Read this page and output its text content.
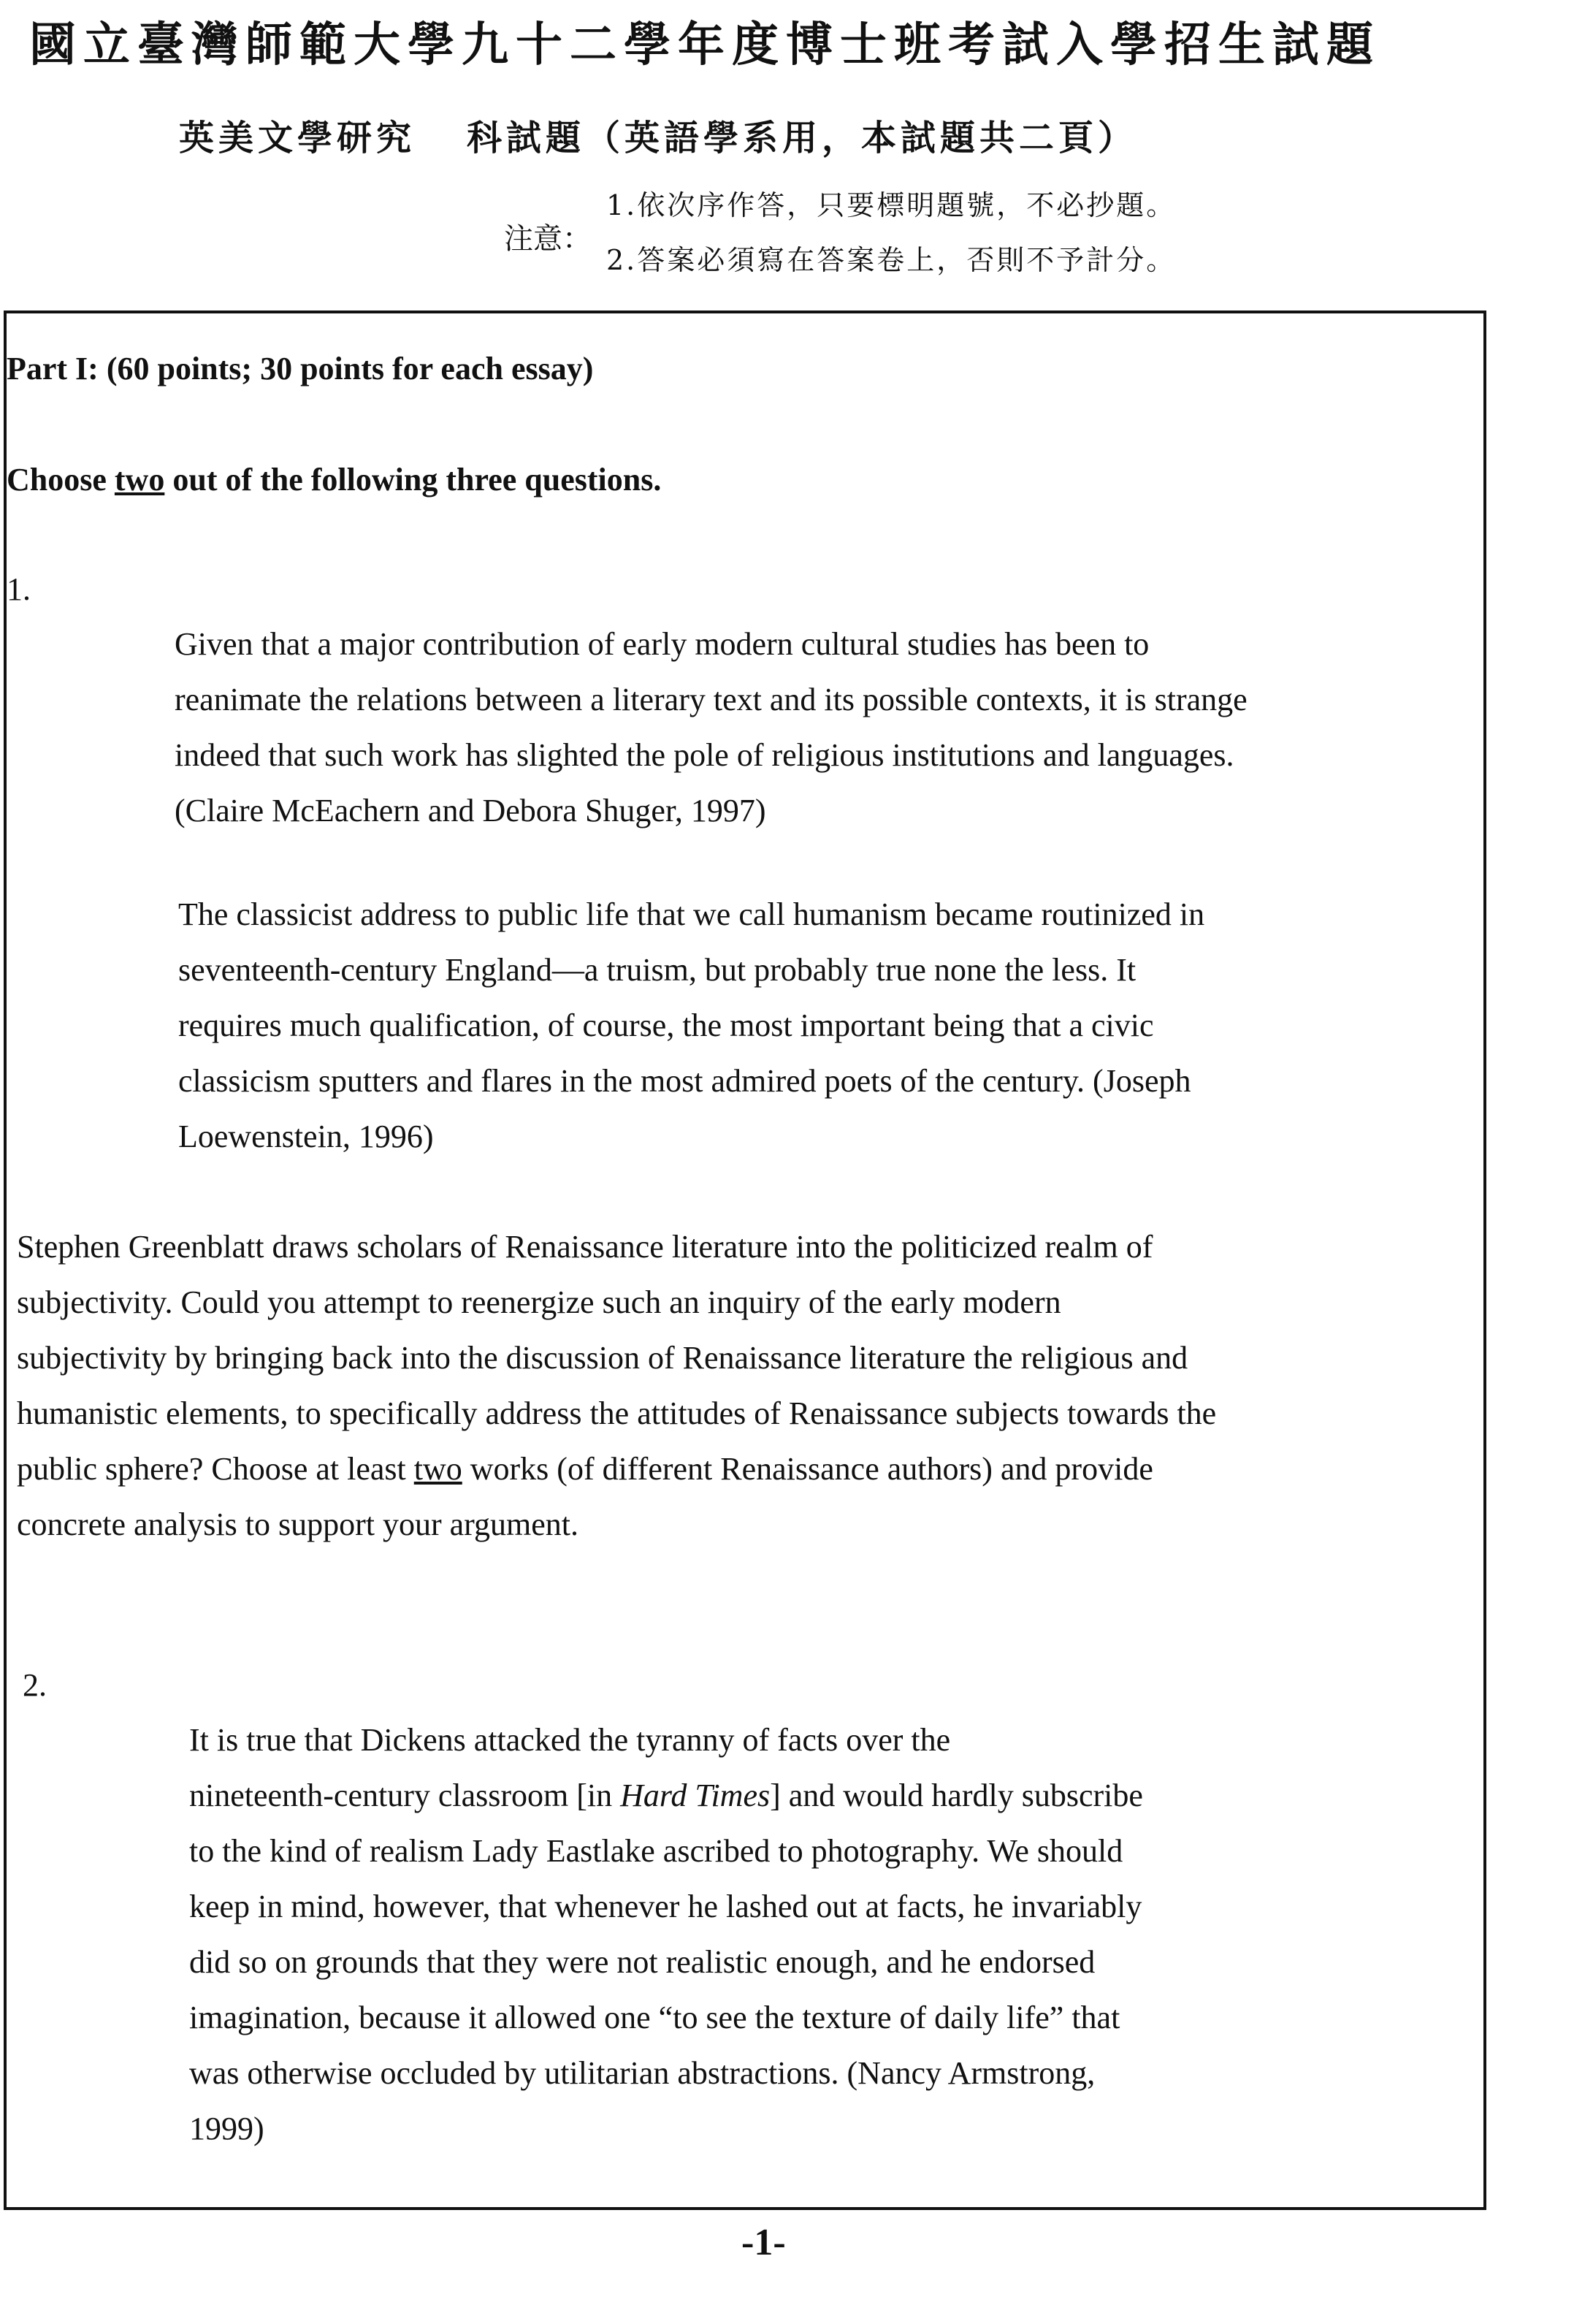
國立臺灣師範大學九十二學年度博士班考試入學招生試題
英美文學研究 科試題（英語學系用，本試題共二頁）
注意：
1.依次序作答，只要標明題號，不必抄題。
2.答案必須寫在答案卷上，否則不予計分。

Part I: (60 points; 30 points for each essay)

Choose two out of the following three questions.

1.

Given that a major contribution of early modern cultural studies has been to
reanimate the relations between a literary text and its possible contexts, it is strange
indeed that such work has slighted the pole of religious institutions and languages.
(Claire McEachern and Debora Shuger, 1997)
The classicist address to public life that we call humanism became routinized in
seventeenth-century England—a truism, but probably true none the less. It
requires much qualification, of course, the most important being that a civic
classicism sputters and flares in the most admired poets of the century. (Joseph
Loewenstein, 1996)
Stephen Greenblatt draws scholars of Renaissance literature into the politicized realm of
subjectivity. Could you attempt to reenergize such an inquiry of the early modern
subjectivity by bringing back into the discussion of Renaissance literature the religious and
humanistic elements, to specifically address the attitudes of Renaissance subjects towards the
public sphere? Choose at least two works (of different Renaissance authors) and provide
concrete analysis to support your argument.

2.

It is true that Dickens attacked the tyranny of facts over the
nineteenth-century classroom [in Hard Times] and would hardly subscribe
to the kind of realism Lady Eastlake ascribed to photography. We should
keep in mind, however, that whenever he lashed out at facts, he invariably
did so on grounds that they were not realistic enough, and he endorsed
imagination, because it allowed one “to see the texture of daily life” that
was otherwise occluded by utilitarian abstractions. (Nancy Armstrong,
1999)
-1-
